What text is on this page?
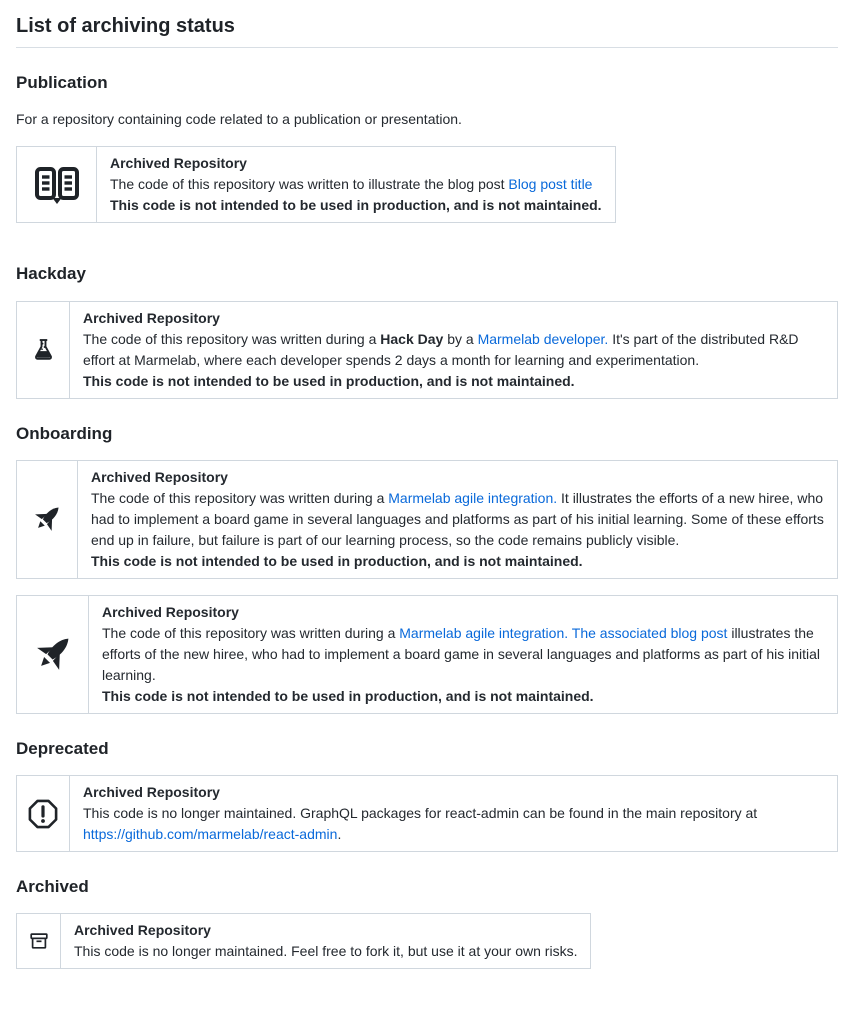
List of archiving status
Publication

For a repository containing code related to a publication or presentation.

Archived Repository
The code of this repository was written to illustrate the blog post Blog post title
This code is not intended to be used in production, and is not maintained.
Hackday
Archived Repository
The code of this repository was written during a Hack Day by a Marmelab developer. It's part of the distributed R&D effort at Marmelab, where each developer spends 2 days a month for learning and experimentation.
This code is not intended to be used in production, and is not maintained.
Onboarding
Archived Repository
The code of this repository was written during a Marmelab agile integration. It illustrates the efforts of a new hiree, who had to implement a board game in several languages and platforms as part of his initial learning. Some of these efforts end up in failure, but failure is part of our learning process, so the code remains publicly visible.
This code is not intended to be used in production, and is not maintained.
Archived Repository
The code of this repository was written during a Marmelab agile integration. The associated blog post illustrates the efforts of the new hiree, who had to implement a board game in several languages and platforms as part of his initial learning.
This code is not intended to be used in production, and is not maintained.
Deprecated
Archived Repository
This code is no longer maintained. GraphQL packages for react-admin can be found in the main repository at https://github.com/marmelab/react-admin.
Archived
Archived Repository
This code is no longer maintained. Feel free to fork it, but use it at your own risks.
